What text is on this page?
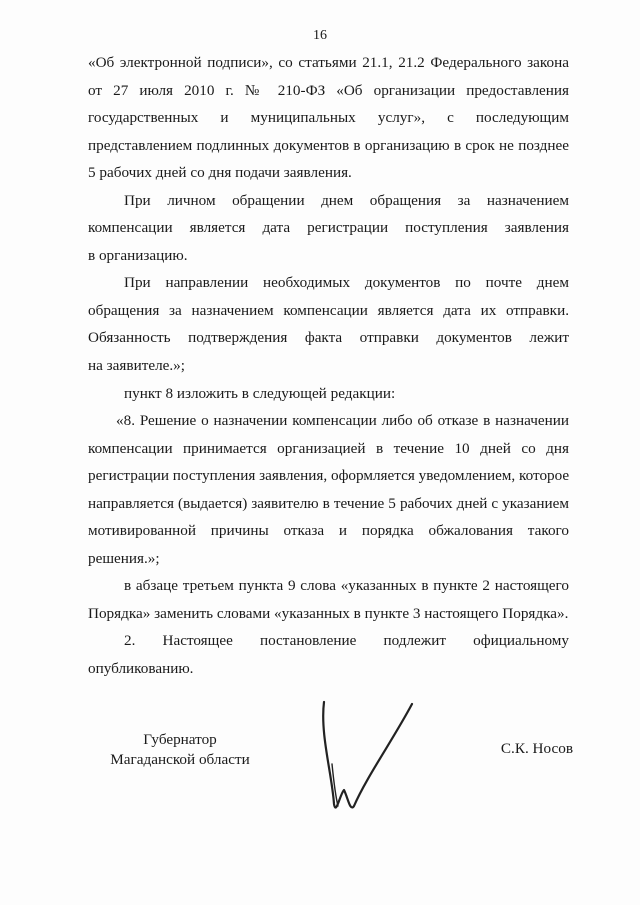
16
«Об электронной подписи», со статьями 21.1, 21.2 Федерального закона
от 27 июля 2010 г. № 210-ФЗ «Об организации предоставления
государственных и муниципальных услуг», с последующим
представлением подлинных документов в организацию в срок не позднее
5 рабочих дней со дня подачи заявления.
При личном обращении днем обращения за назначением
компенсации является дата регистрации поступления заявления
в организацию.
При направлении необходимых документов по почте днем
обращения за назначением компенсации является дата их отправки.
Обязанность подтверждения факта отправки документов лежит
на заявителе.»;
пункт 8 изложить в следующей редакции:
«8. Решение о назначении компенсации либо об отказе в назначении
компенсации принимается организацией в течение 10 дней со дня
регистрации поступления заявления, оформляется уведомлением, которое
направляется (выдается) заявителю в течение 5 рабочих дней с указанием
мотивированной причины отказа и порядка обжалования такого
решения.»;
в абзаце третьем пункта 9 слова «указанных в пункте 2 настоящего
Порядка» заменить словами «указанных в пункте 3 настоящего Порядка».
2. Настоящее постановление подлежит официальному
опубликованию.
Губернатор
Магаданской области
С.К. Носов
